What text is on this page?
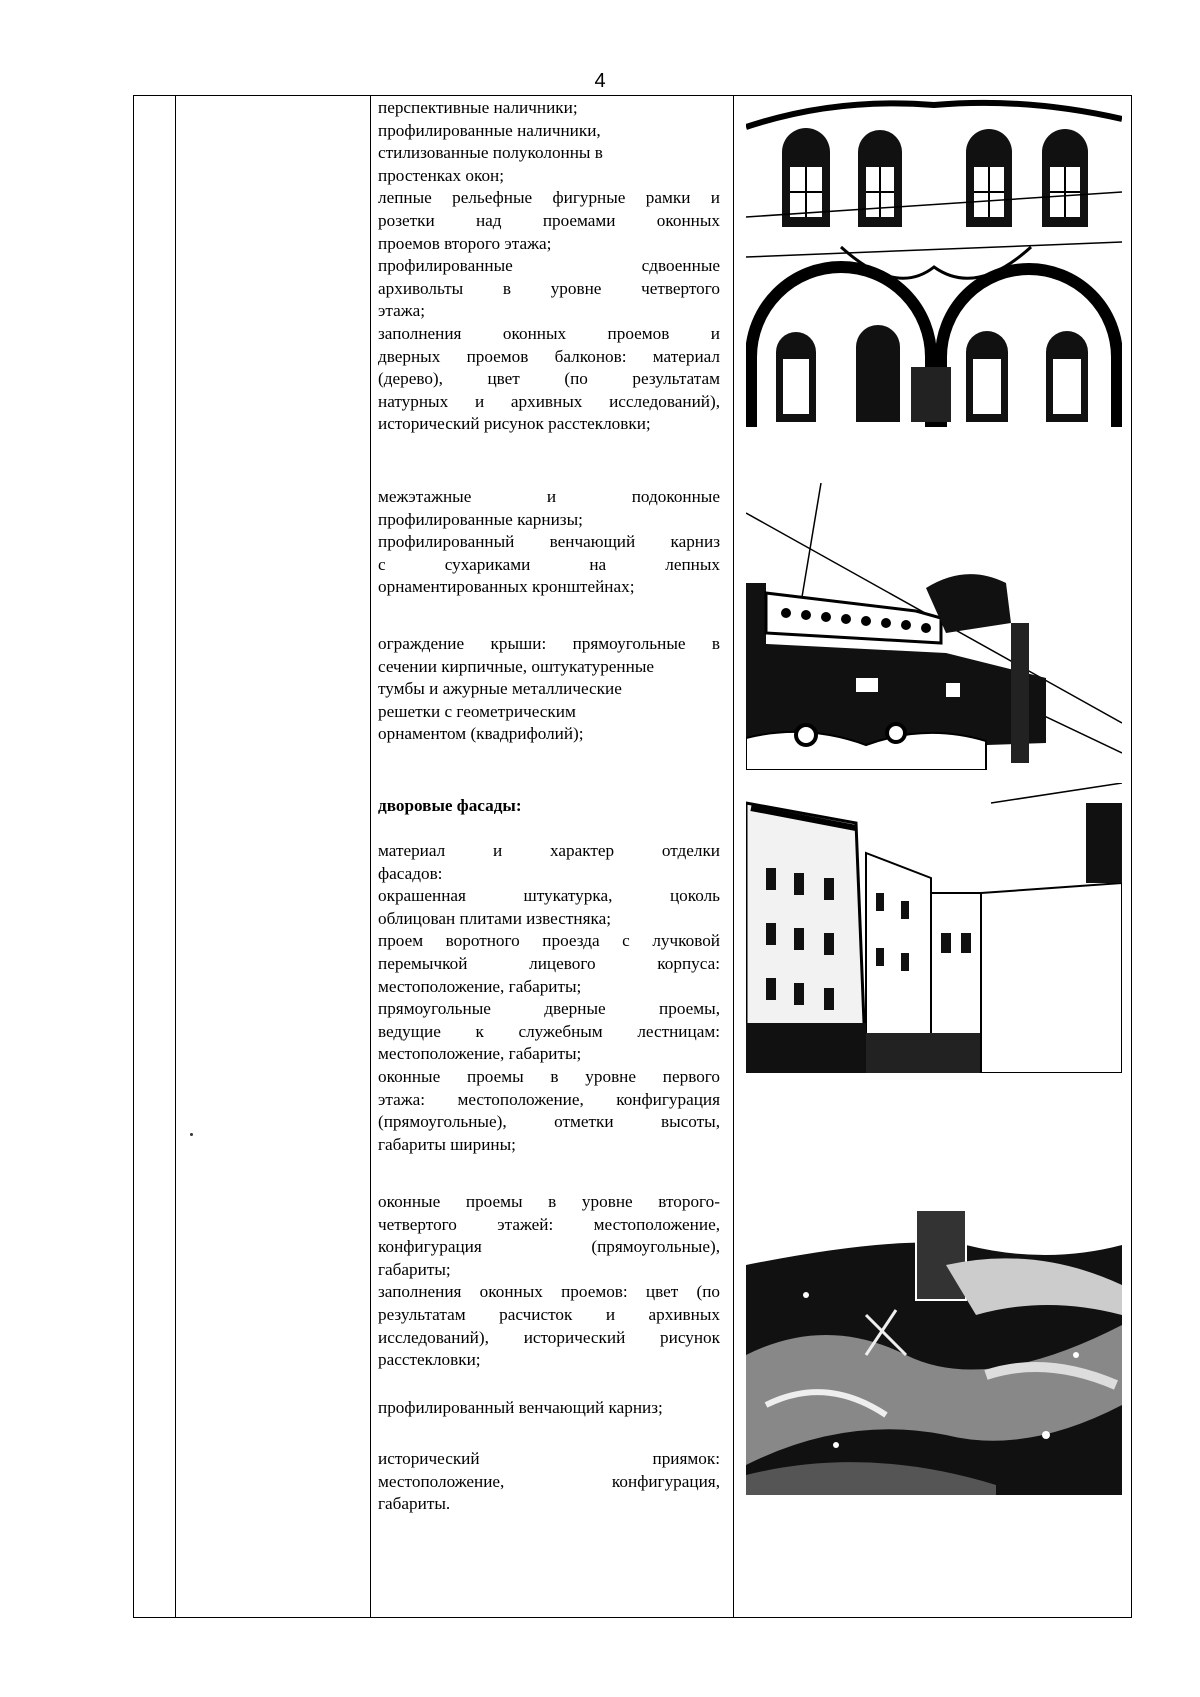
4
перспективные наличники;
профилированные наличники,
стилизованные полуколонны в
простенках окон;
лепные рельефные фигурные рамки и
розетки над проемами оконных
проемов второго этажа;
профилированные сдвоенные
архивольты в уровне четвертого
этажа;
заполнения оконных проемов и
дверных проемов балконов: материал
(дерево), цвет (по результатам
натурных и архивных исследований),
исторический рисунок расстекловки;
межэтажные и подоконные
профилированные карнизы;
профилированный венчающий карниз
с сухариками на лепных
орнаментированных кронштейнах;
ограждение крыши: прямоугольные в
сечении кирпичные, оштукатуренные
тумбы и ажурные металлические
решетки с геометрическим
орнаментом (квадрифолий);
дворовые фасады:
материал и характер отделки
фасадов:
окрашенная штукатурка, цоколь
облицован плитами известняка;
проем воротного проезда с лучковой
перемычкой лицевого корпуса:
местоположение, габариты;
прямоугольные дверные проемы,
ведущие к служебным лестницам:
местоположение, габариты;
оконные проемы в уровне первого
этажа: местоположение, конфигурация
(прямоугольные), отметки высоты,
габариты ширины;
оконные проемы в уровне второго-
четвертого этажей: местоположение,
конфигурация (прямоугольные),
габариты;
заполнения оконных проемов: цвет (по
результатам расчисток и архивных
исследований), исторический рисунок
расстекловки;
профилированный венчающий карниз;
исторический приямок:
местоположение, конфигурация,
габариты.
